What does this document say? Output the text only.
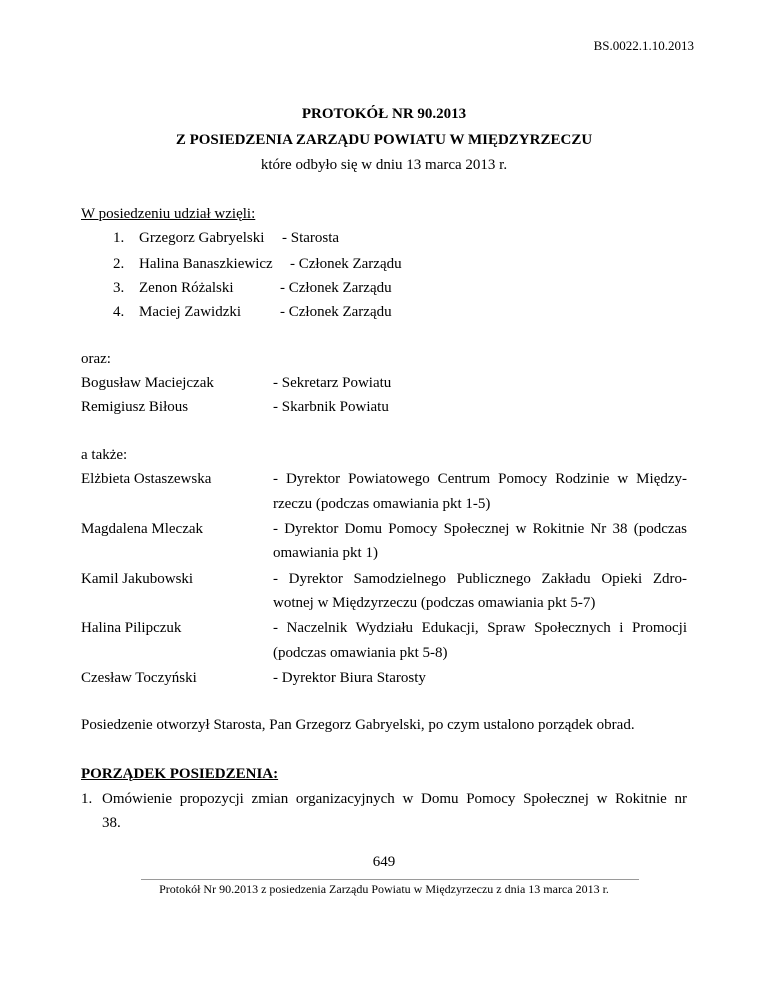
BS.0022.1.10.2013
PROTOKÓŁ NR 90.2013
Z POSIEDZENIA ZARZĄDU POWIATU W MIĘDZYRZECZU
które odbyło się w dniu 13 marca 2013 r.
W posiedzeniu udział wzięli:
1. Grzegorz Gabryelski - Starosta
2. Halina Banaszkiewicz - Członek Zarządu
3. Zenon Różalski	- Członek Zarządu
4. Maciej Zawidzki	- Członek Zarządu
oraz:
Bogusław Maciejczak	- Sekretarz Powiatu
Remigiusz Biłous	- Skarbnik Powiatu
a także:
Elżbieta Ostaszewska	- Dyrektor Powiatowego Centrum Pomocy Rodzinie w Między-
rzeczu (podczas omawiania pkt 1-5)
Magdalena Mleczak	- Dyrektor Domu Pomocy Społecznej w Rokitnie Nr 38 (podczas
omawiania pkt 1)
Kamil Jakubowski	- Dyrektor Samodzielnego Publicznego Zakładu Opieki Zdro-
wotnej w Międzyrzeczu (podczas omawiania pkt 5-7)
Halina Pilipczuk	- Naczelnik Wydziału Edukacji, Spraw Społecznych i Promocji
(podczas omawiania pkt 5-8)
Czesław Toczyński	- Dyrektor Biura Starosty
Posiedzenie otworzył Starosta, Pan Grzegorz Gabryelski, po czym ustalono porządek obrad.
PORZĄDEK POSIEDZENIA:
1. Omówienie propozycji zmian organizacyjnych w Domu Pomocy Społecznej w Rokitnie nr
38.
649
Protokół Nr 90.2013 z posiedzenia Zarządu Powiatu w Międzyrzeczu z dnia 13 marca 2013 r.
